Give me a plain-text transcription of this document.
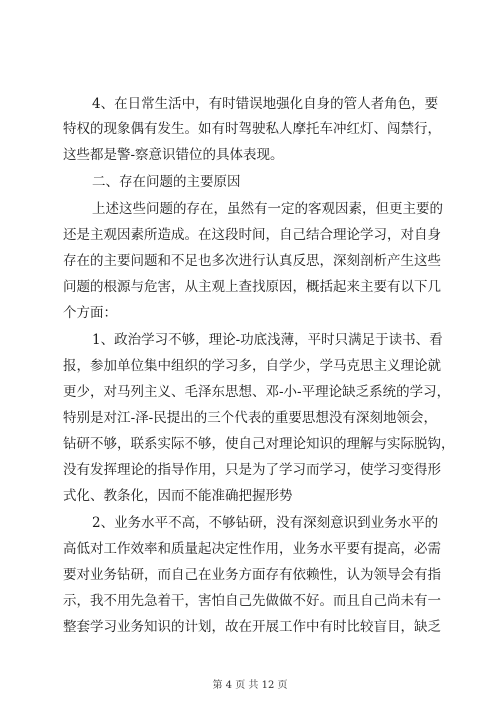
4、在日常生活中，有时错误地强化自身的管人者角色，要
特权的现象偶有发生。如有时驾驶私人摩托车冲红灯、闯禁行，
这些都是警-察意识错位的具体表现。
二、存在问题的主要原因
上述这些问题的存在，虽然有一定的客观因素，但更主要的
还是主观因素所造成。在这段时间，自己结合理论学习，对自身
存在的主要问题和不足也多次进行认真反思，深刻剖析产生这些
问题的根源与危害，从主观上查找原因，概括起来主要有以下几
个方面：
1、政治学习不够，理论-功底浅薄，平时只满足于读书、看
报，参加单位集中组织的学习多，自学少，学马克思主义理论就
更少，对马列主义、毛泽东思想、邓-小-平理论缺乏系统的学习，
特别是对江-泽-民提出的三个代表的重要思想没有深刻地领会，
钻研不够，联系实际不够，使自己对理论知识的理解与实际脱钩，
没有发挥理论的指导作用，只是为了学习而学习，使学习变得形
式化、教条化，因而不能准确把握形势
2、业务水平不高，不够钻研，没有深刻意识到业务水平的
高低对工作效率和质量起决定性作用，业务水平要有提高，必需
要对业务钻研，而自己在业务方面存有依赖性，认为领导会有指
示，我不用先急着干，害怕自己先做做不好。而且自己尚未有一
整套学习业务知识的计划，故在开展工作中有时比较盲目，缺乏
第 4 页 共 12 页
